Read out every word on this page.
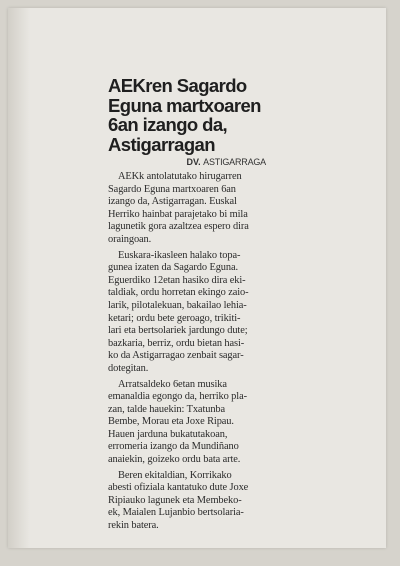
AEKren Sagardo
Eguna martxoaren
6an izango da,
Astigarragan
DV. ASTIGARRAGA

AEKk antolatutako hirugarren
Sagardo Eguna martxoaren 6an
izango da, Astigarragan. Euskal
Herriko hainbat parajetako bi mila
lagunetik gora azaltzea espero dira
oraingoan.

Euskara-ikasleen halako topa-
gunea izaten da Sagardo Eguna.
Eguerdiko 12etan hasiko dira eki-
taldiak, ordu horretan ekingo zaio-
larik, pilotalekuan, bakailao lehia-
ketari; ordu bete geroago, trikiti-
lari eta bertsolariek jardungo dute;
bazkaria, berriz, ordu bietan hasi-
ko da Astigarragao zenbait sagar-
dotegitan.

Arratsaldeko 6etan musika
emanaldia egongo da, herriko pla-
zan, talde hauekin: Txatunba
Bembe, Morau eta Joxe Ripau.
Hauen jarduna bukatutakoan,
erromeria izango da Mundiñano
anaiekin, goizeko ordu bata arte.

Beren ekitaldian, Korrikako
abesti ofiziala kantatuko dute Joxe
Ripiauko lagunek eta Membeko-
ek, Maialen Lujanbio bertsolaria-
rekin batera.
